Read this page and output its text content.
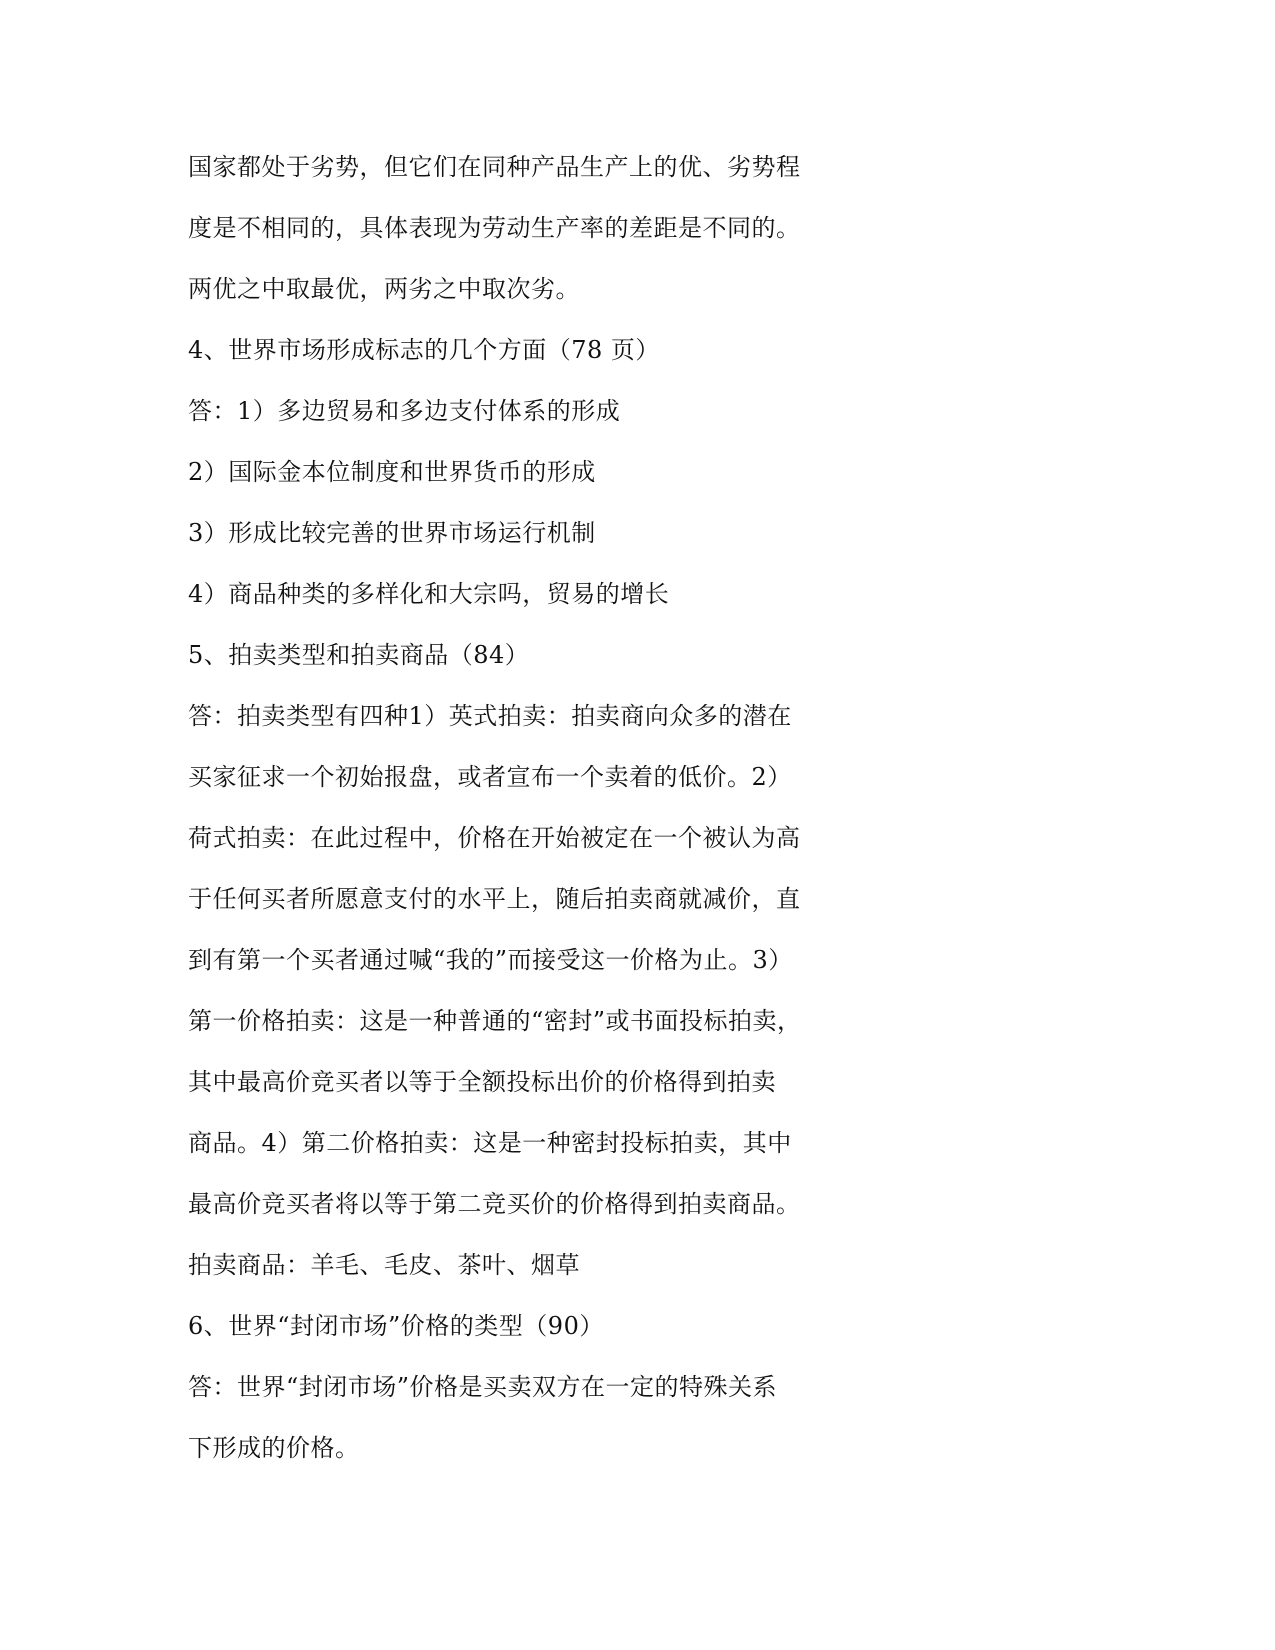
国家都处于劣势，但它们在同种产品生产上的优、劣势程
度是不相同的，具体表现为劳动生产率的差距是不同的。
两优之中取最优，两劣之中取次劣。
4、世界市场形成标志的几个方面（78 页）
答：1）多边贸易和多边支付体系的形成
2）国际金本位制度和世界货币的形成
3）形成比较完善的世界市场运行机制
4）商品种类的多样化和大宗吗，贸易的增长
5、拍卖类型和拍卖商品（84）
答：拍卖类型有四种1）英式拍卖：拍卖商向众多的潜在
买家征求一个初始报盘，或者宣布一个卖着的低价。2）
荷式拍卖：在此过程中，价格在开始被定在一个被认为高
于任何买者所愿意支付的水平上，随后拍卖商就减价，直
到有第一个买者通过喊“我的”而接受这一价格为止。3）
第一价格拍卖：这是一种普通的“密封”或书面投标拍卖，
其中最高价竞买者以等于全额投标出价的价格得到拍卖
商品。4）第二价格拍卖：这是一种密封投标拍卖，其中
最高价竞买者将以等于第二竞买价的价格得到拍卖商品。
拍卖商品：羊毛、毛皮、茶叶、烟草
6、世界“封闭市场”价格的类型（90）
答：世界“封闭市场”价格是买卖双方在一定的特殊关系
下形成的价格。
